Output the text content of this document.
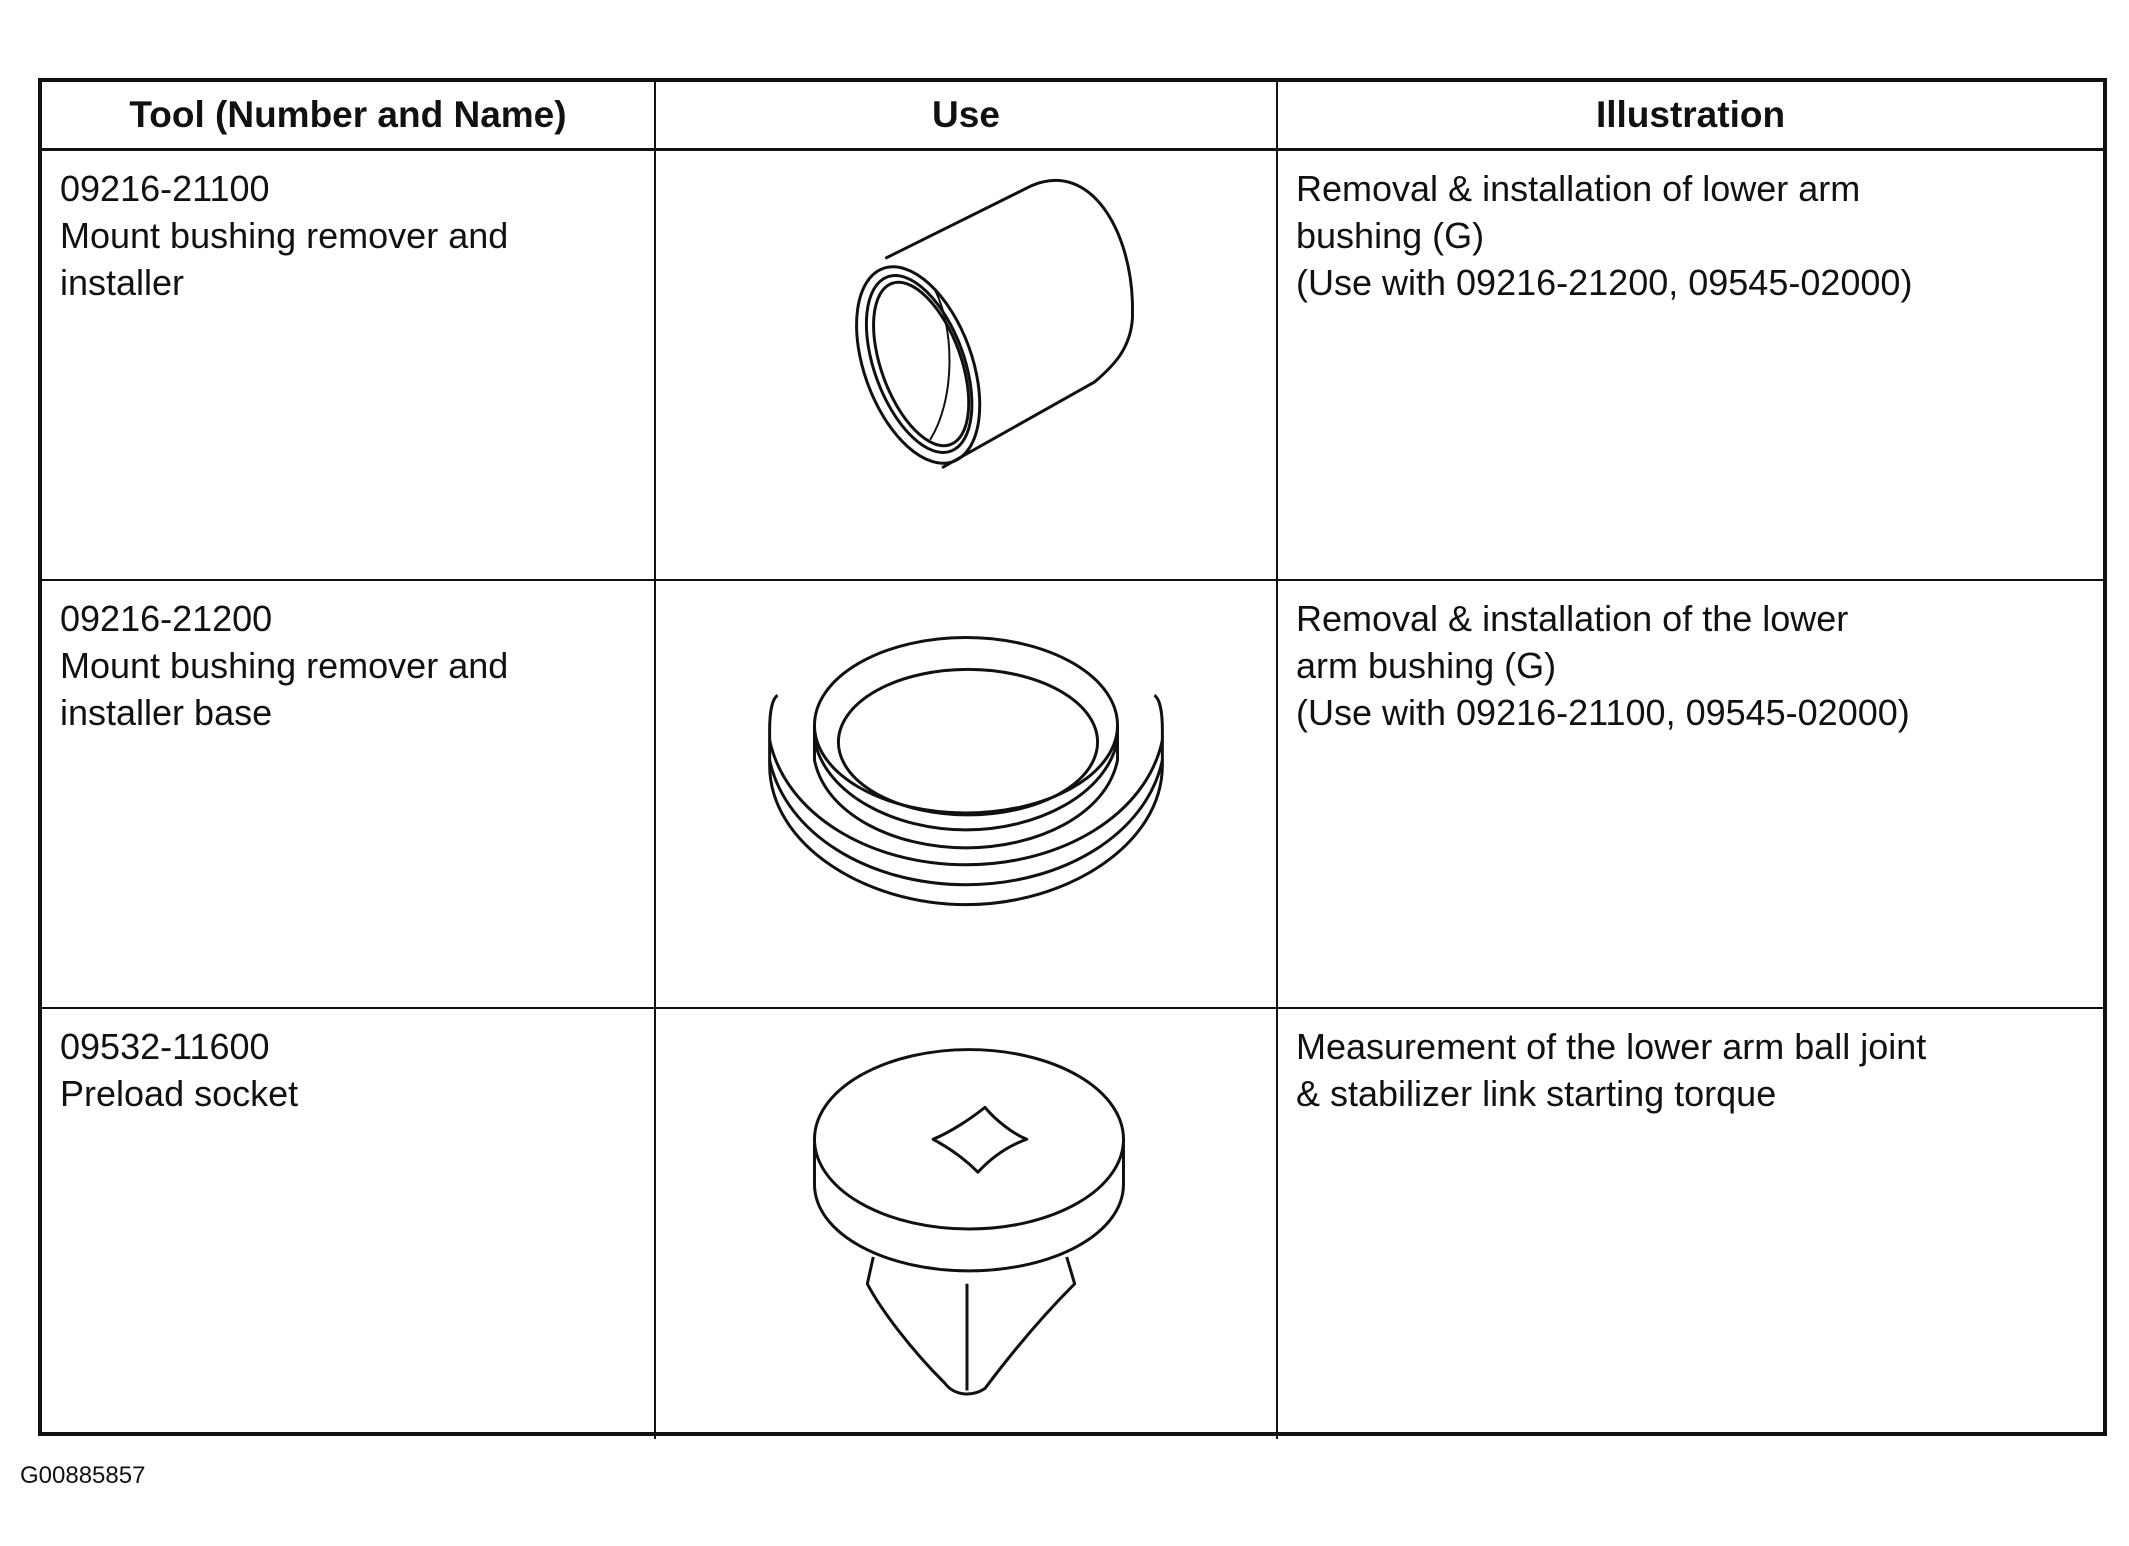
Tool (Number and Name)	Use	Illustration
09216-21100
Mount bushing remover and
installer
Removal & installation of lower arm
bushing (G)
(Use with 09216-21200, 09545-02000)
09216-21200
Mount bushing remover and
installer base
Removal & installation of the lower
arm bushing (G)
(Use with 09216-21100, 09545-02000)
09532-11600
Preload socket
Measurement of the lower arm ball joint
& stabilizer link starting torque
G00885857
